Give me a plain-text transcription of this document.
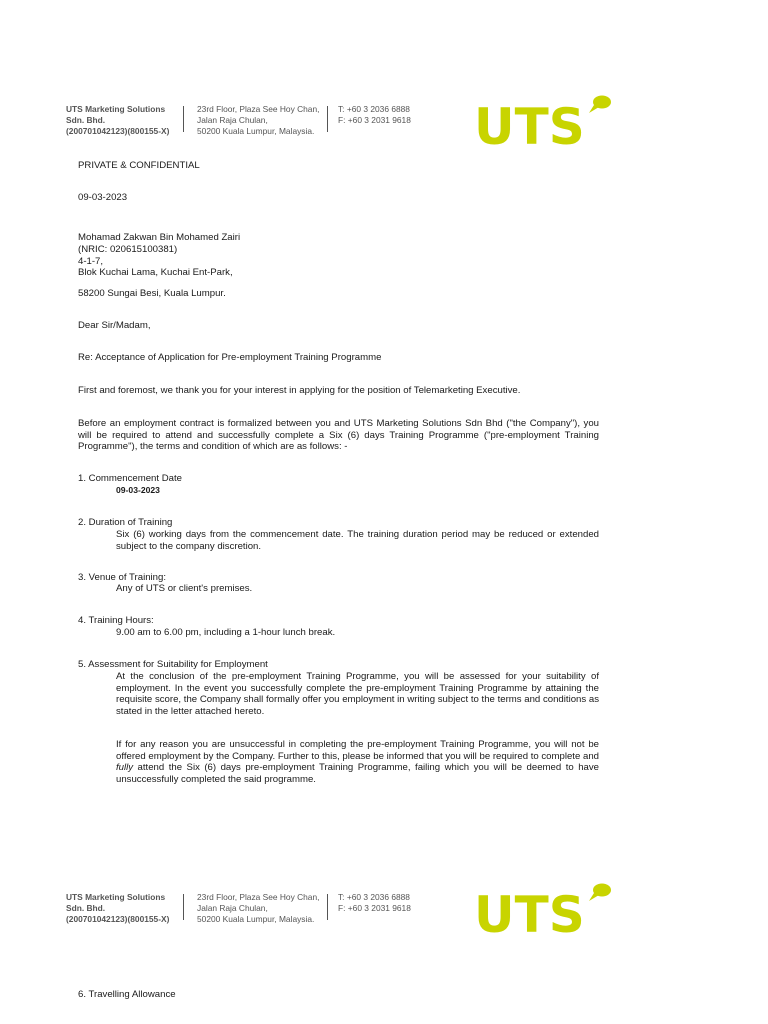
UTS Marketing Solutions
Sdn. Bhd.
(200701042123)(800155-X)
23rd Floor, Plaza See Hoy Chan,
Jalan Raja Chulan,
50200 Kuala Lumpur, Malaysia.
T: +60 3 2036 6888
F: +60 3 2031 9618 UTS
PRIVATE & CONFIDENTIAL
09-03-2023
Mohamad Zakwan Bin Mohamed Zairi
(NRIC: 020615100381)
4-1-7,
Blok Kuchai Lama, Kuchai Ent-Park,
58200 Sungai Besi, Kuala Lumpur.
Dear Sir/Madam,
Re: Acceptance of Application for Pre-employment Training Programme
First and foremost, we thank you for your interest in applying for the position of Telemarketing Executive.
Before an employment contract is formalized between you and UTS Marketing Solutions Sdn Bhd ("the Company"), you will be required to attend and successfully complete a Six (6) days Training Programme ("pre-employment Training Programme"), the terms and condition of which are as follows: -
1. Commencement Date
09-03-2023
2. Duration of Training
Six (6) working days from the commencement date. The training duration period may be reduced or extended subject to the company discretion.
3. Venue of Training:
Any of UTS or client's premises.
4. Training Hours:
9.00 am to 6.00 pm, including a 1-hour lunch break.
5. Assessment for Suitability for Employment
At the conclusion of the pre-employment Training Programme, you will be assessed for your suitability of employment. In the event you successfully complete the pre-employment Training Programme by attaining the requisite score, the Company shall formally offer you employment in writing subject to the terms and conditions as stated in the letter attached hereto.
If for any reason you are unsuccessful in completing the pre-employment Training Programme, you will not be offered employment by the Company. Further to this, please be informed that you will be required to complete and fully attend the Six (6) days pre-employment Training Programme, failing which you will be deemed to have unsuccessfully completed the said programme.
UTS Marketing Solutions
Sdn. Bhd.
(200701042123)(800155-X)
23rd Floor, Plaza See Hoy Chan,
Jalan Raja Chulan,
50200 Kuala Lumpur, Malaysia.
T: +60 3 2036 6888
F: +60 3 2031 9618 UTS
6. Travelling Allowance
